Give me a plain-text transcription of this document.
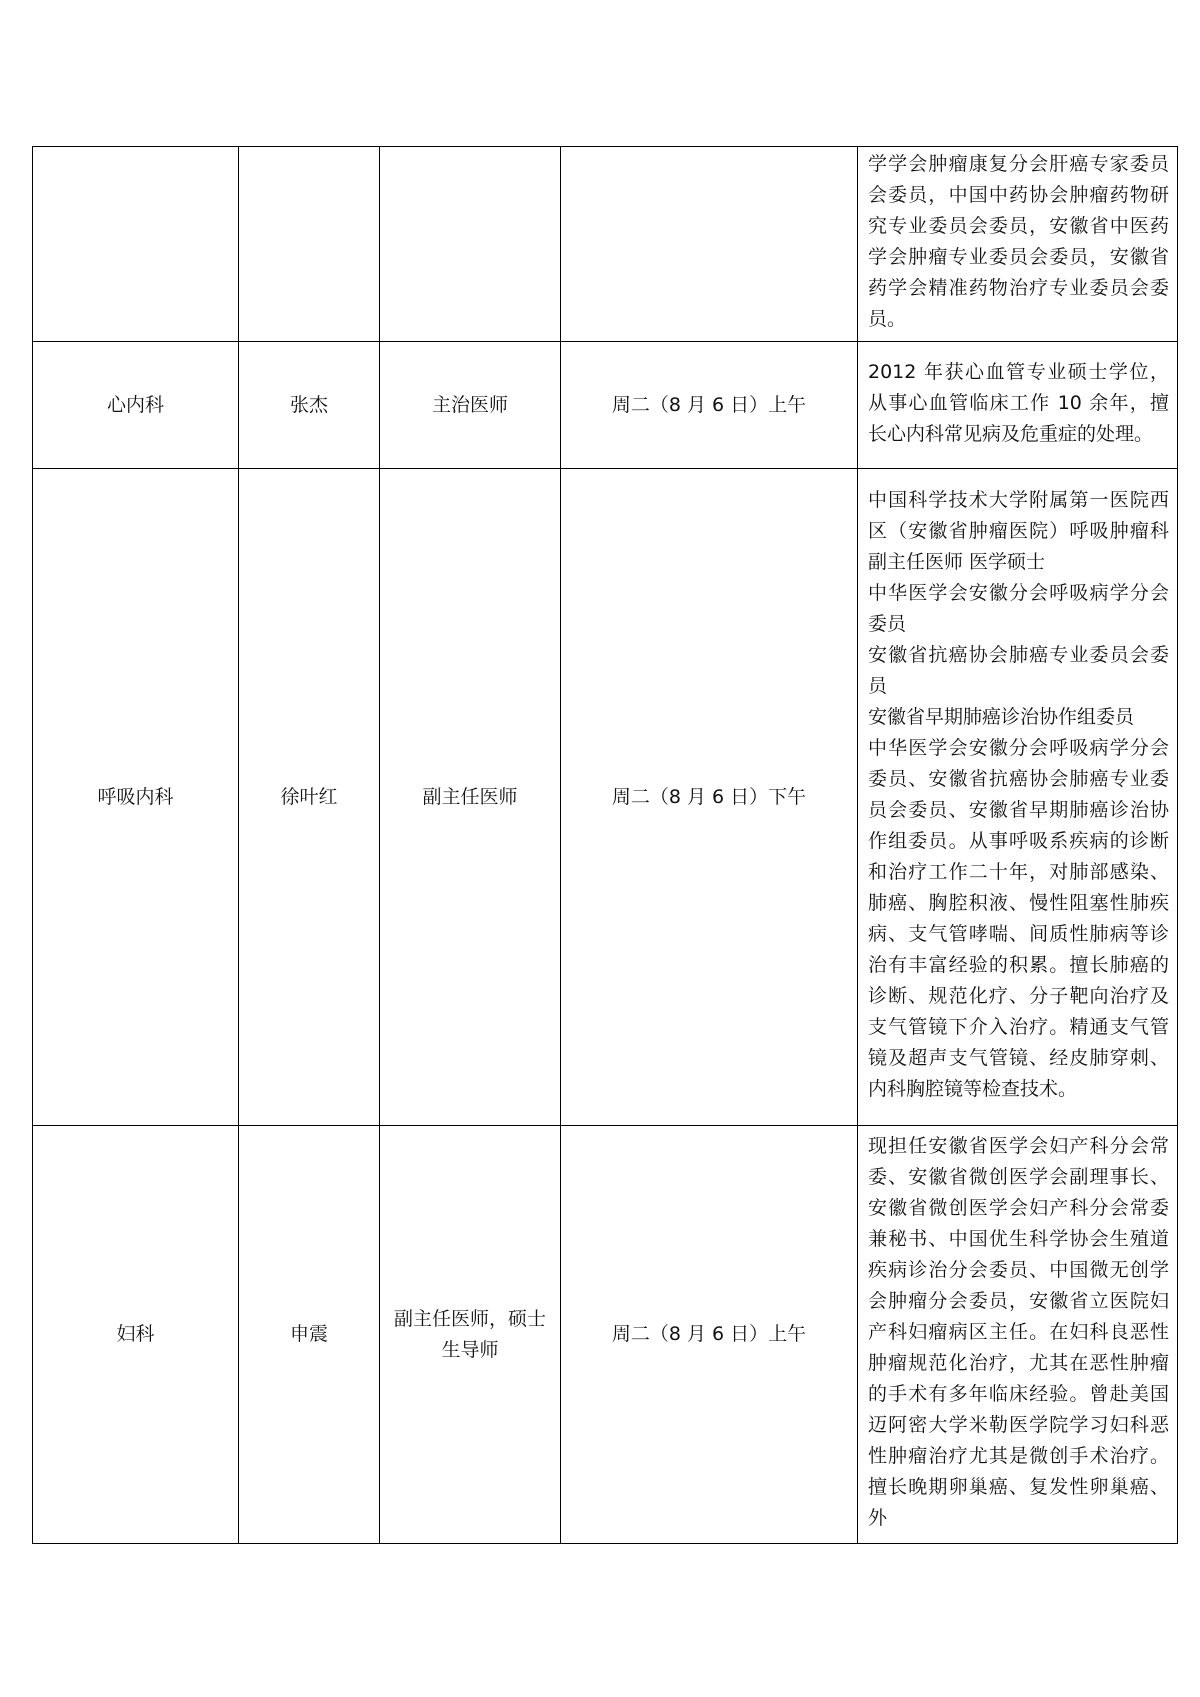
				学学会肿瘤康复分会肝癌专家委员会委员，中国中药协会肿瘤药物研究专业委员会委员，安徽省中医药学会肿瘤专业委员会委员，安徽省药学会精准药物治疗专业委员会委员。

心内科	张杰	主治医师	周二（8 月 6 日）上午	2012 年获心血管专业硕士学位，从事心血管临床工作 10 余年，擅长心内科常见病及危重症的处理。

呼吸内科	徐叶红	副主任医师	周二（8 月 6 日）下午	中国科学技术大学附属第一医院西区（安徽省肿瘤医院）呼吸肿瘤科 副主任医师 医学硕士
中华医学会安徽分会呼吸病学分会委员
安徽省抗癌协会肺癌专业委员会委员
安徽省早期肺癌诊治协作组委员
中华医学会安徽分会呼吸病学分会委员、安徽省抗癌协会肺癌专业委员会委员、安徽省早期肺癌诊治协作组委员。从事呼吸系疾病的诊断和治疗工作二十年，对肺部感染、肺癌、胸腔积液、慢性阻塞性肺疾病、支气管哮喘、间质性肺病等诊治有丰富经验的积累。擅长肺癌的诊断、规范化疗、分子靶向治疗及支气管镜下介入治疗。精通支气管镜及超声支气管镜、经皮肺穿刺、内科胸腔镜等检查技术。

妇科	申震	副主任医师，硕士生导师	周二（8 月 6 日）上午	现担任安徽省医学会妇产科分会常委、安徽省微创医学会副理事长、安徽省微创医学会妇产科分会常委兼秘书、中国优生科学协会生殖道疾病诊治分会委员、中国微无创学会肿瘤分会委员，安徽省立医院妇产科妇瘤病区主任。在妇科良恶性肿瘤规范化治疗，尤其在恶性肿瘤的手术有多年临床经验。曾赴美国迈阿密大学米勒医学院学习妇科恶性肿瘤治疗尤其是微创手术治疗。擅长晚期卵巢癌、复发性卵巢癌、外
